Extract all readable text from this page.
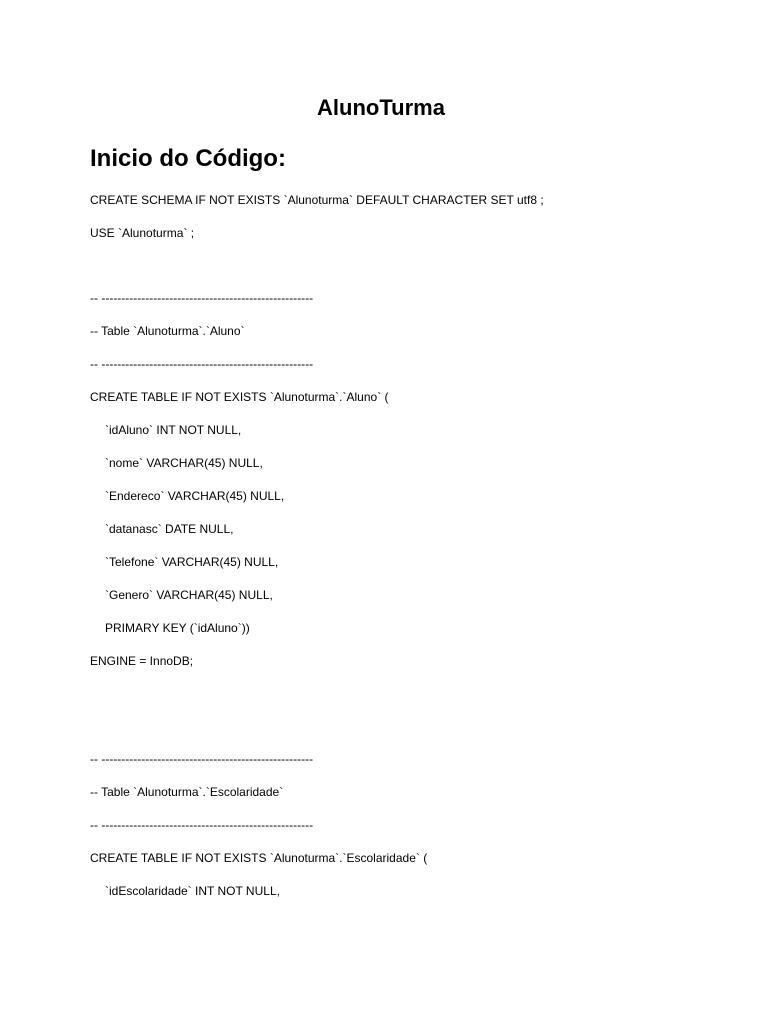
AlunoTurma
Inicio do Código:
CREATE SCHEMA IF NOT EXISTS `Alunoturma` DEFAULT CHARACTER SET utf8 ;
USE `Alunoturma` ;
-- -----------------------------------------------------
-- Table `Alunoturma`.`Aluno`
-- -----------------------------------------------------
CREATE TABLE IF NOT EXISTS `Alunoturma`.`Aluno` (
`idAluno` INT NOT NULL,
`nome` VARCHAR(45) NULL,
`Endereco` VARCHAR(45) NULL,
`datanasc` DATE NULL,
`Telefone` VARCHAR(45) NULL,
`Genero` VARCHAR(45) NULL,
PRIMARY KEY (`idAluno`))
ENGINE = InnoDB;
-- -----------------------------------------------------
-- Table `Alunoturma`.`Escolaridade`
-- -----------------------------------------------------
CREATE TABLE IF NOT EXISTS `Alunoturma`.`Escolaridade` (
`idEscolaridade` INT NOT NULL,
